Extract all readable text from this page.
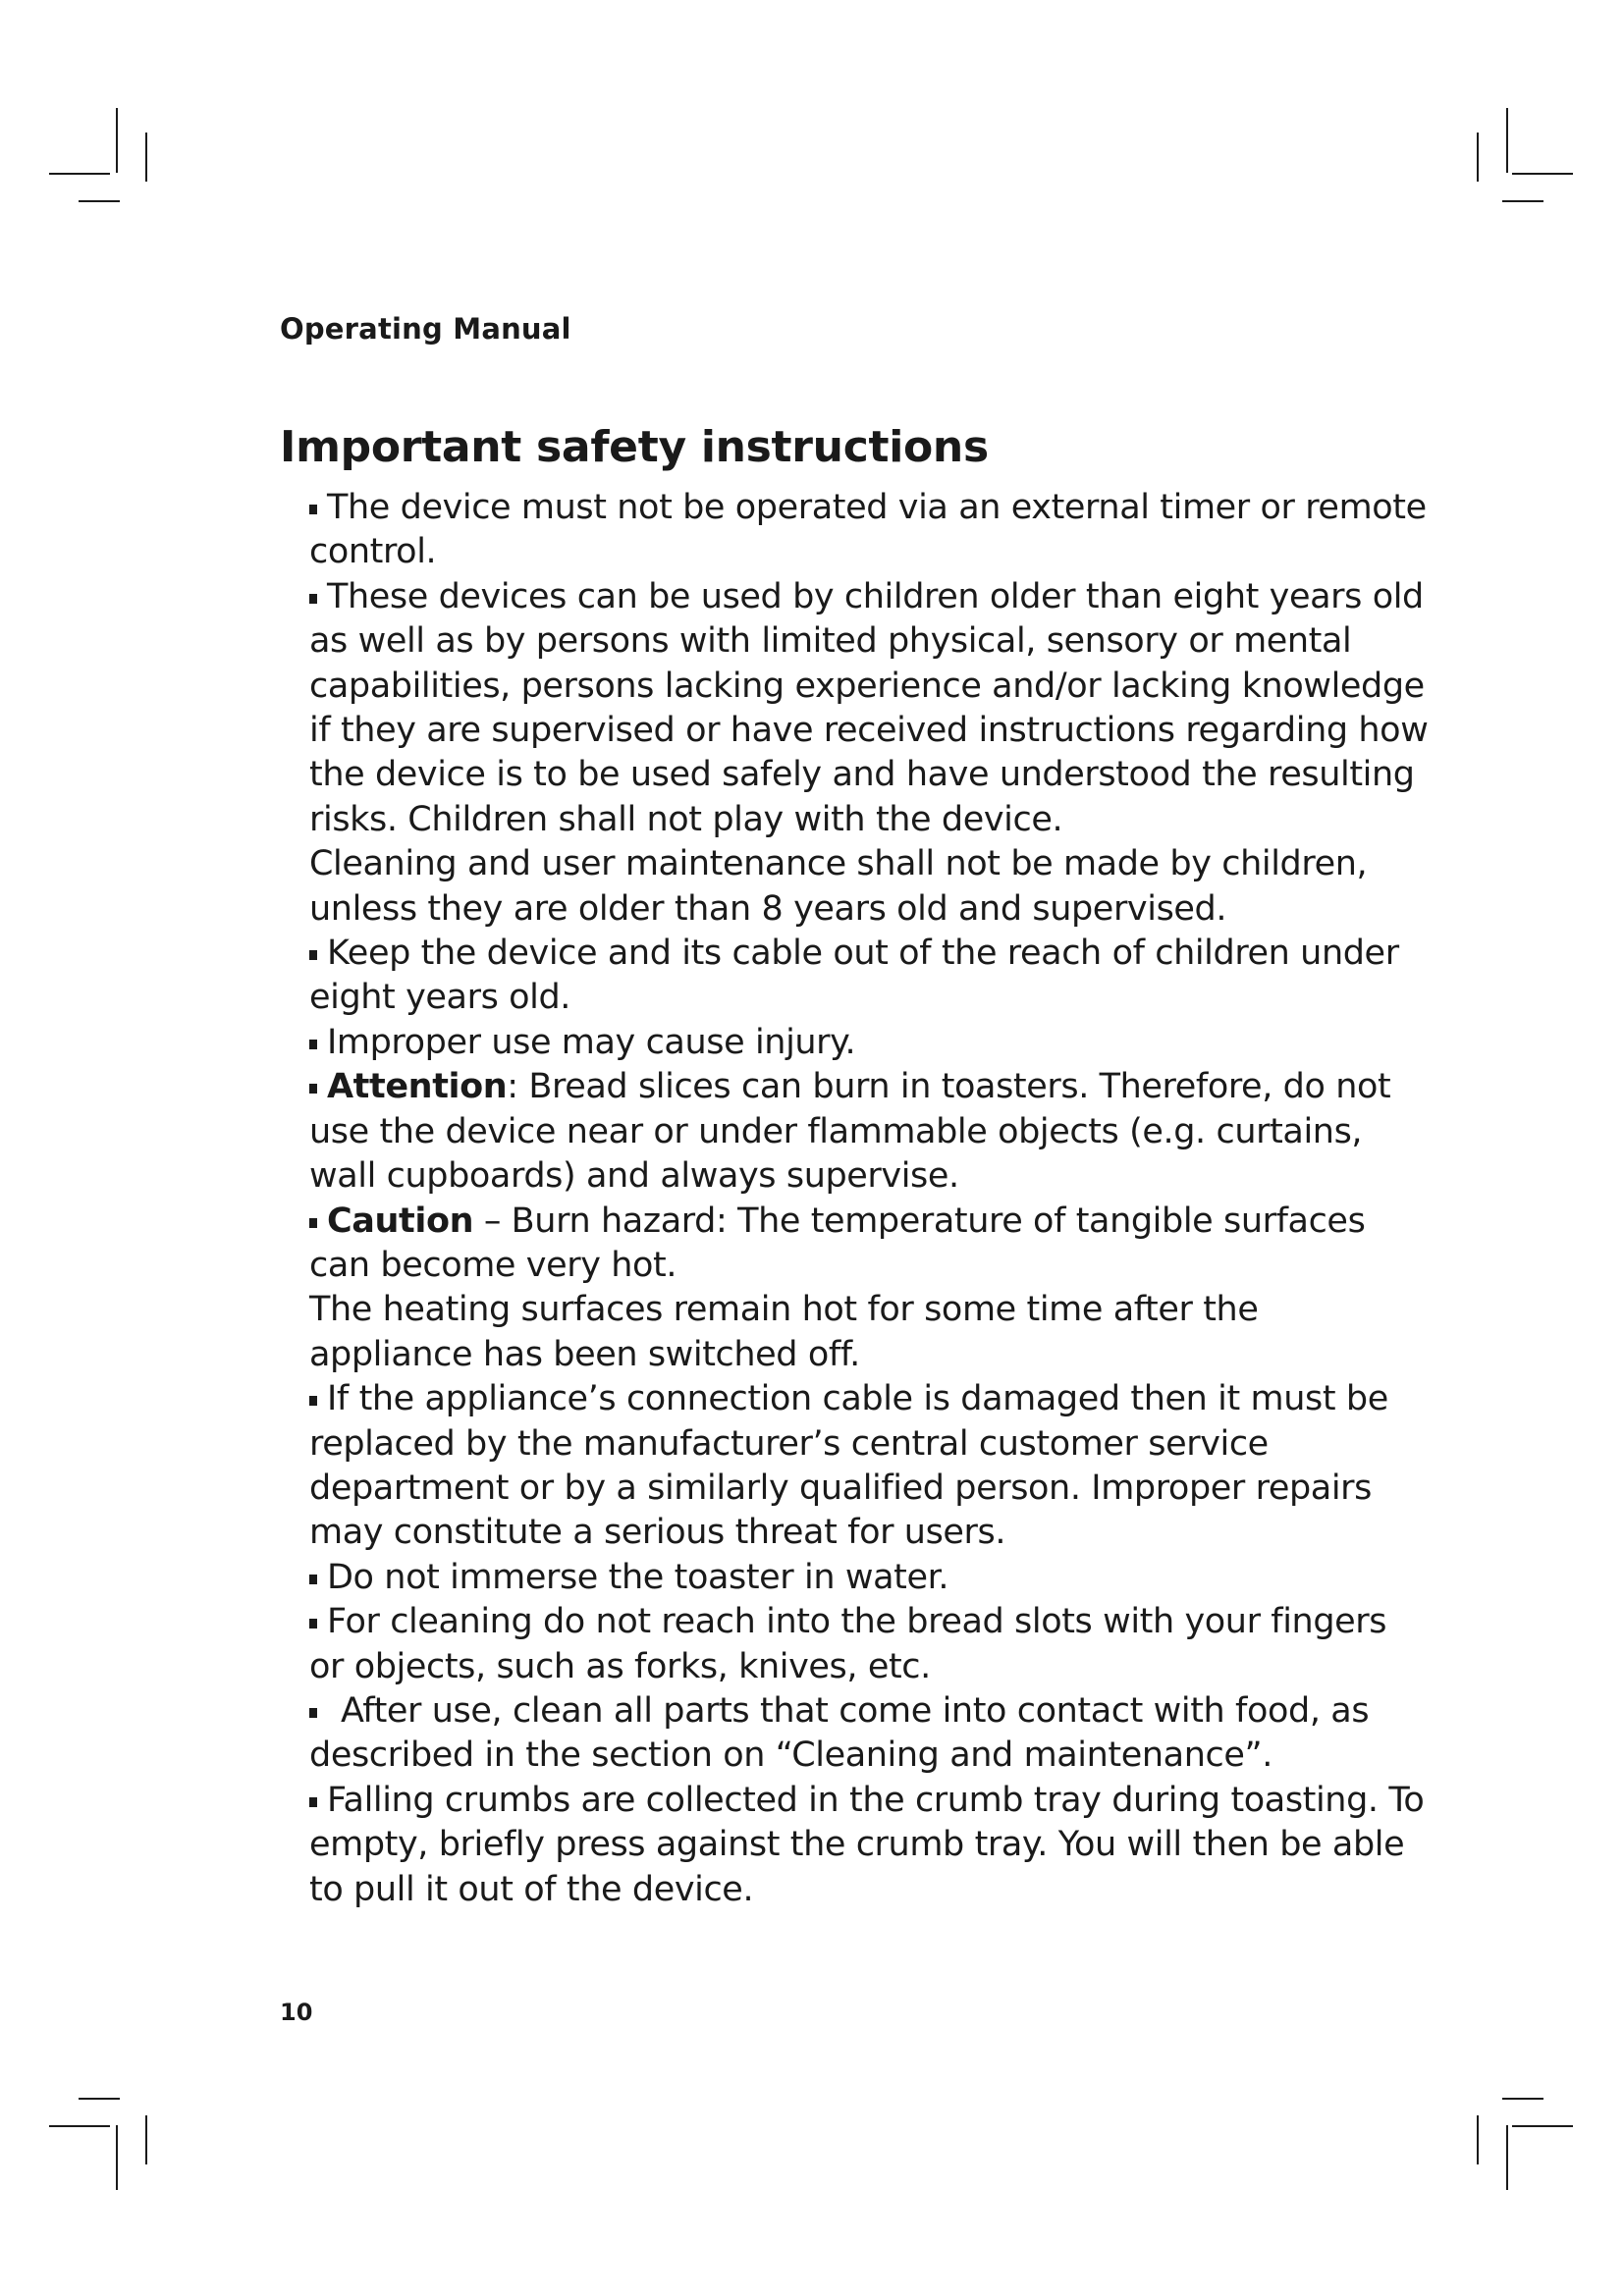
Operating Manual
Important safety instructions

The device must not be operated via an external timer or remote control.

These devices can be used by children older than eight years old as well as by persons with limited physical, sensory or mental capabilities, persons lacking experience and/or lacking knowledge if they are supervised or have received instructions regarding how the device is to be used safely and have understood the resulting risks. Children shall not play with the device.

Cleaning and user maintenance shall not be made by children, unless they are older than 8 years old and supervised.

Keep the device and its cable out of the reach of children under eight years old.

Improper use may cause injury.

Attention: Bread slices can burn in toasters. Therefore, do not use the device near or under flammable objects (e.g. curtains, wall cupboards) and always supervise.

Caution – Burn hazard: The temperature of tangible surfaces can become very hot.

The heating surfaces remain hot for some time after the appliance has been switched off.

If the appliance’s connection cable is damaged then it must be replaced by the manufacturer’s central customer service department or by a similarly qualified person. Improper repairs may constitute a serious threat for users.

Do not immerse the toaster in water.

For cleaning do not reach into the bread slots with your fingers or objects, such as forks, knives, etc.

After use, clean all parts that come into contact with food, as described in the section on “Cleaning and maintenance”.

Falling crumbs are collected in the crumb tray during toasting. To empty, briefly press against the crumb tray. You will then be able to pull it out of the device.

10
